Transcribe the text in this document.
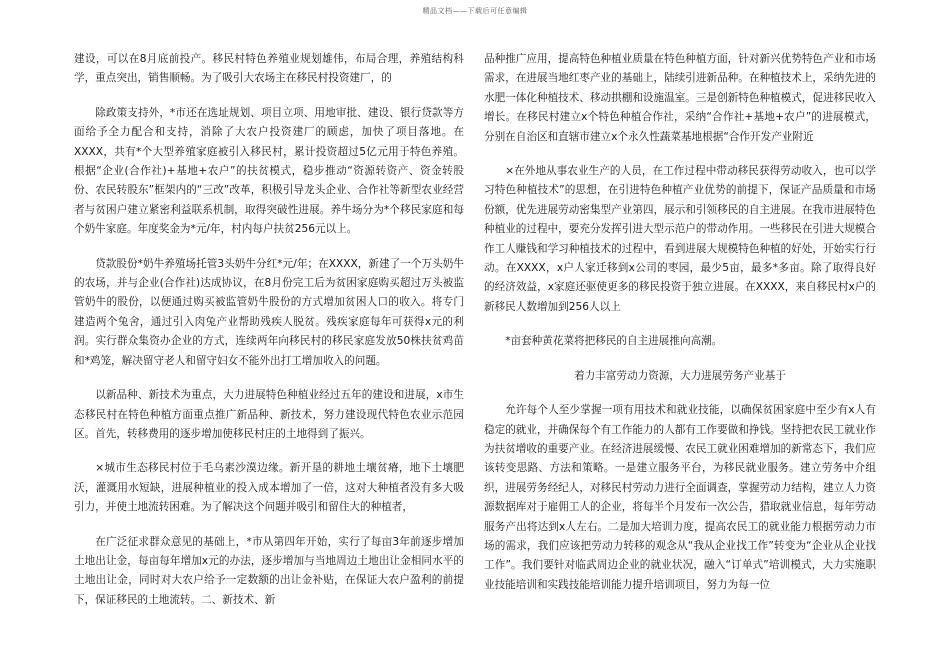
精品文档——下载后可任意编辑

建设，可以在8月底前投产。移民村特色养殖业规划雄伟，布局合理，养殖结构科学，重点突出，销售顺畅。为了吸引大农场主在移民村投资建厂，的

除政策支持外，*市还在选址规划、项目立项、用地审批、建设、银行贷款等方面给予全力配合和支持，消除了大农户投资建厂的顾虑，加快了项目落地。在XXXX，共有*个大型养殖家庭被引入移民村，累计投资超过5亿元用于特色养殖。根据“企业(合作社)+基地+农户”的扶贫模式，稳步推动“资源转资产、资金转股份、农民转股东”框架内的“三改”改革，积极引导龙头企业、合作社等新型农业经营者与贫困户建立紧密利益联系机制，取得突破性进展。养牛场分为*个移民家庭和每个奶牛家庭。年度奖金为*元/年，村内每户扶贫256元以上。

贷款股份*奶牛养殖场托管3头奶牛分红*元/年；在XXXX，新建了一个万头奶牛的农场，并与企业(合作社)达成协议，在8月份完工后为贫困家庭购买超过万头被监管奶牛的股份，以便通过购买被监管奶牛股份的方式增加贫困人口的收入。将专门建造两个兔舍，通过引入肉兔产业帮助残疾人脱贫。残疾家庭每年可获得x元的利润。实行群众集资办企业的方式，连续两年向移民村的移民家庭发放50株扶贫鸡苗和*鸡笼，解决留守老人和留守妇女不能外出打工增加收入的问题。

以新品种、新技术为重点，大力进展特色种植业经过五年的建设和进展，x市生态移民村在特色种植方面重点推广新品种、新技术，努力建设现代特色农业示范园区。首先，转移费用的逐步增加使移民村庄的土地得到了振兴。

×城市生态移民村位于毛乌素沙漠边缘。新开垦的耕地土壤贫瘠，地下土壤肥沃，灌溉用水短缺，进展种植业的投入成本增加了一倍，这对大种植者没有多大吸引力，并使土地流转困难。为了解决这个问题并吸引和留住大的种植者，

在广泛征求群众意见的基础上，*市从第四年开始，实行了每亩3年前逐步增加土地出让金，每亩每年增加x元的办法，逐步增加与当地周边土地出让金相同水平的土地出让金，同时对大农户给予一定数额的出让金补贴，在保证大农户盈利的前提下，保证移民的土地流转。二、新技术、新

品种推广应用，提高特色种植业质量在特色种植方面，针对新兴优势特色产业和市场需求，在进展当地红枣产业的基础上，陆续引进新品种。在种植技术上，采纳先进的水肥一体化种植技术、移动拱棚和设施温室。三是创新特色种植模式，促进移民收入增长。在移民村建立x个特色种植合作社，采纳“合作社+基地+农户”的进展模式，分别在自治区和直辖市建立x个永久性蔬菜基地根据“合作开发产业附近

×在外地从事农业生产的人员，在工作过程中带动移民获得劳动收入，也可以学习特色种植技术”的思想，在引进特色种植产业优势的前提下，保证产品质量和市场份额，优先进展劳动密集型产业第四，展示和引领移民的自主进展。在我市进展特色种植业的过程中，要充分发挥引进大型示范户的带动作用。一些移民在引进大规模合作工人赚钱和学习种植技术的过程中，看到进展大规模特色种植的好处，开始实行行动。在XXXX，x户人家迁移到x公司的枣园，最少5亩，最多*多亩。除了取得良好的经济效益，x家庭还驱使更多的移民投资于独立进展。在XXXX，来自移民村x户的新移民人数增加到256人以上

*亩套种黄花菜将把移民的自主进展推向高潮。

着力丰富劳动力资源，大力进展劳务产业基于

允许每个人至少掌握一项有用技术和就业技能，以确保贫困家庭中至少有x人有稳定的就业，并确保每个有工作能力的人都有工作要做和挣钱。坚持把农民工就业作为扶贫增收的重要产业。在经济进展缓慢、农民工就业困难增加的新常态下，我们应该转变思路、方法和策略。一是建立服务平台，为移民就业服务。建立劳务中介组织，进展劳务经纪人，对移民村劳动力进行全面调查，掌握劳动力结构，建立人力资源数据库对于雇佣工人的企业，将每半个月发布一次公告，猎取就业信息，每年劳动服务产出将达到x人左右。二是加大培训力度，提高农民工的就业能力根据劳动力市场的需求，我们应该把劳动力转移的观念从“我从企业找工作”转变为“企业从企业找工作”。我们要针对临武周边企业的就业状况，融入“订单式”培训模式，大力实施职业技能培训和实践技能培训能力提升培训项目，努力为每一位
